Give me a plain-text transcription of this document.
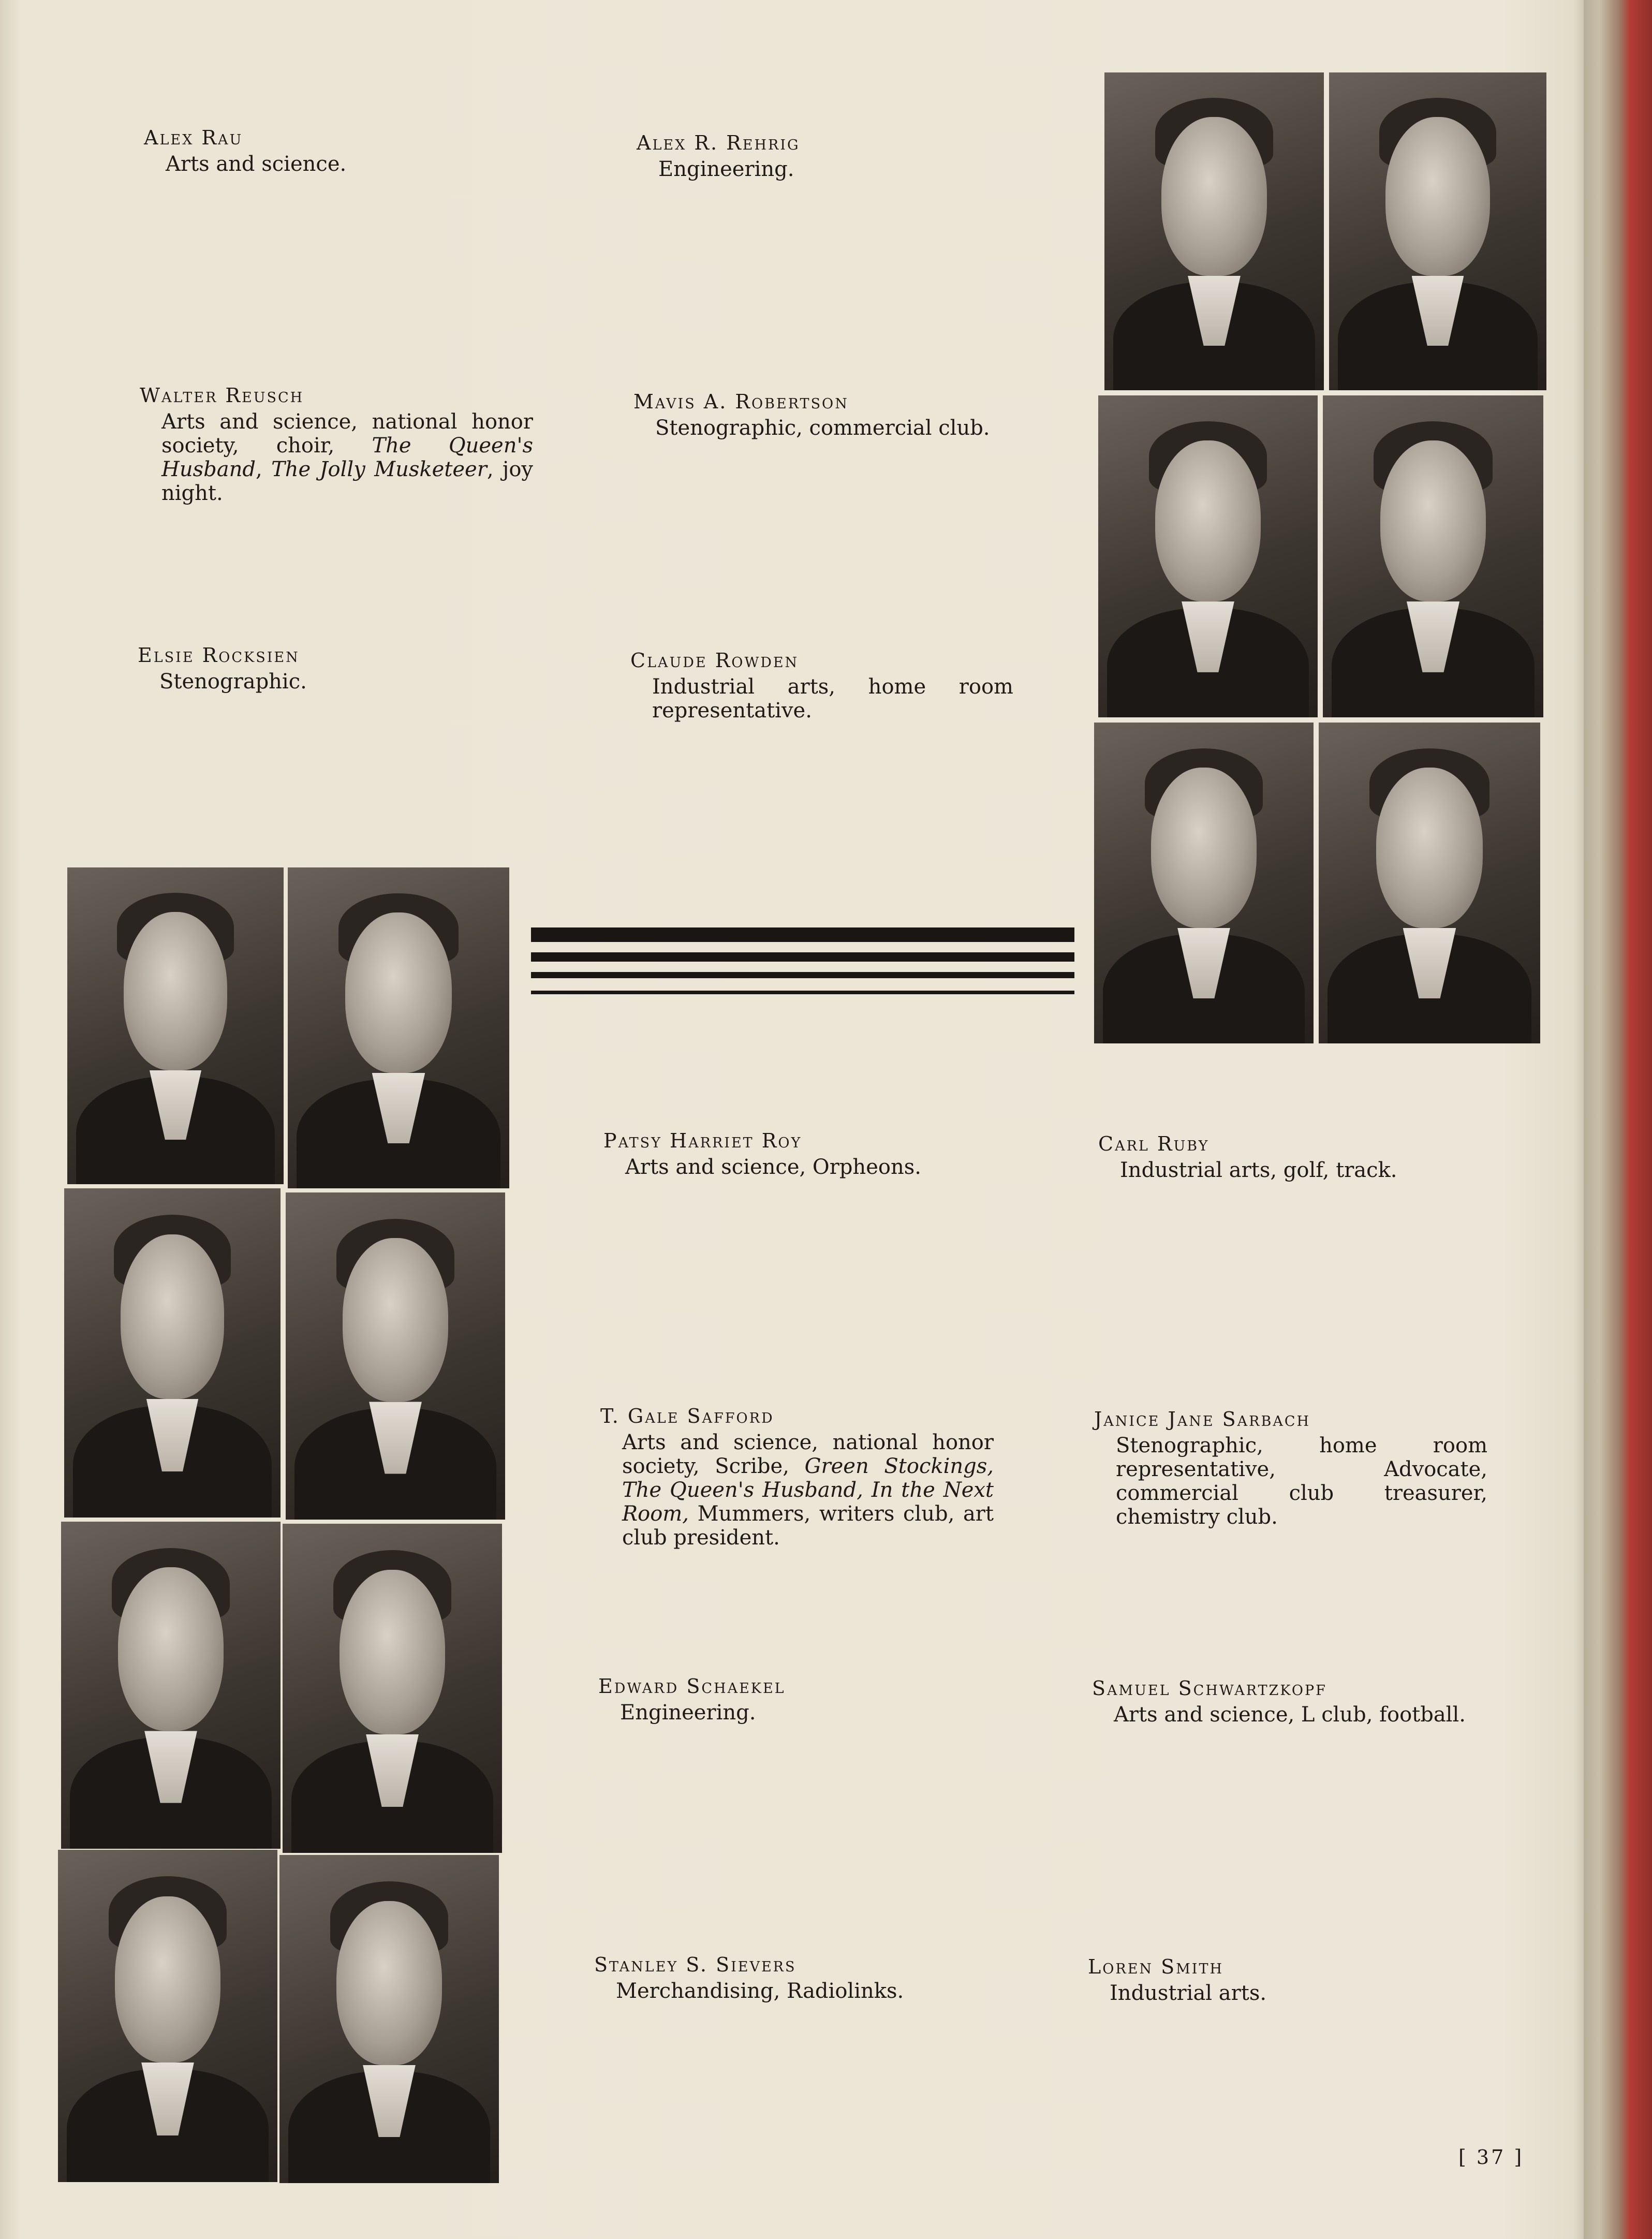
Alex Rau

Arts and science.

Alex R. Rehrig

Engineering.

Walter Reusch

Arts and science, national honor society, choir, The Queen's Husband, The Jolly Musketeer, joy night.

Mavis A. Robertson

Stenographic, commercial club.

Elsie Rocksien

Stenographic.

Claude Rowden

Industrial arts, home room representative.

Patsy Harriet Roy

Arts and science, Orpheons.

Carl Ruby

Industrial arts, golf, track.

T. Gale Safford

Arts and science, national honor society, Scribe, Green Stockings, The Queen's Husband, In the Next Room, Mummers, writers club, art club president.

Janice Jane Sarbach

Stenographic, home room representative, Advocate, commercial club treasurer, chemistry club.

Edward Schaekel

Engineering.

Samuel Schwartzkopf

Arts and science, L club, football.

Stanley S. Sievers

Merchandising, Radiolinks.

Loren Smith

Industrial arts.

[ 37 ]
